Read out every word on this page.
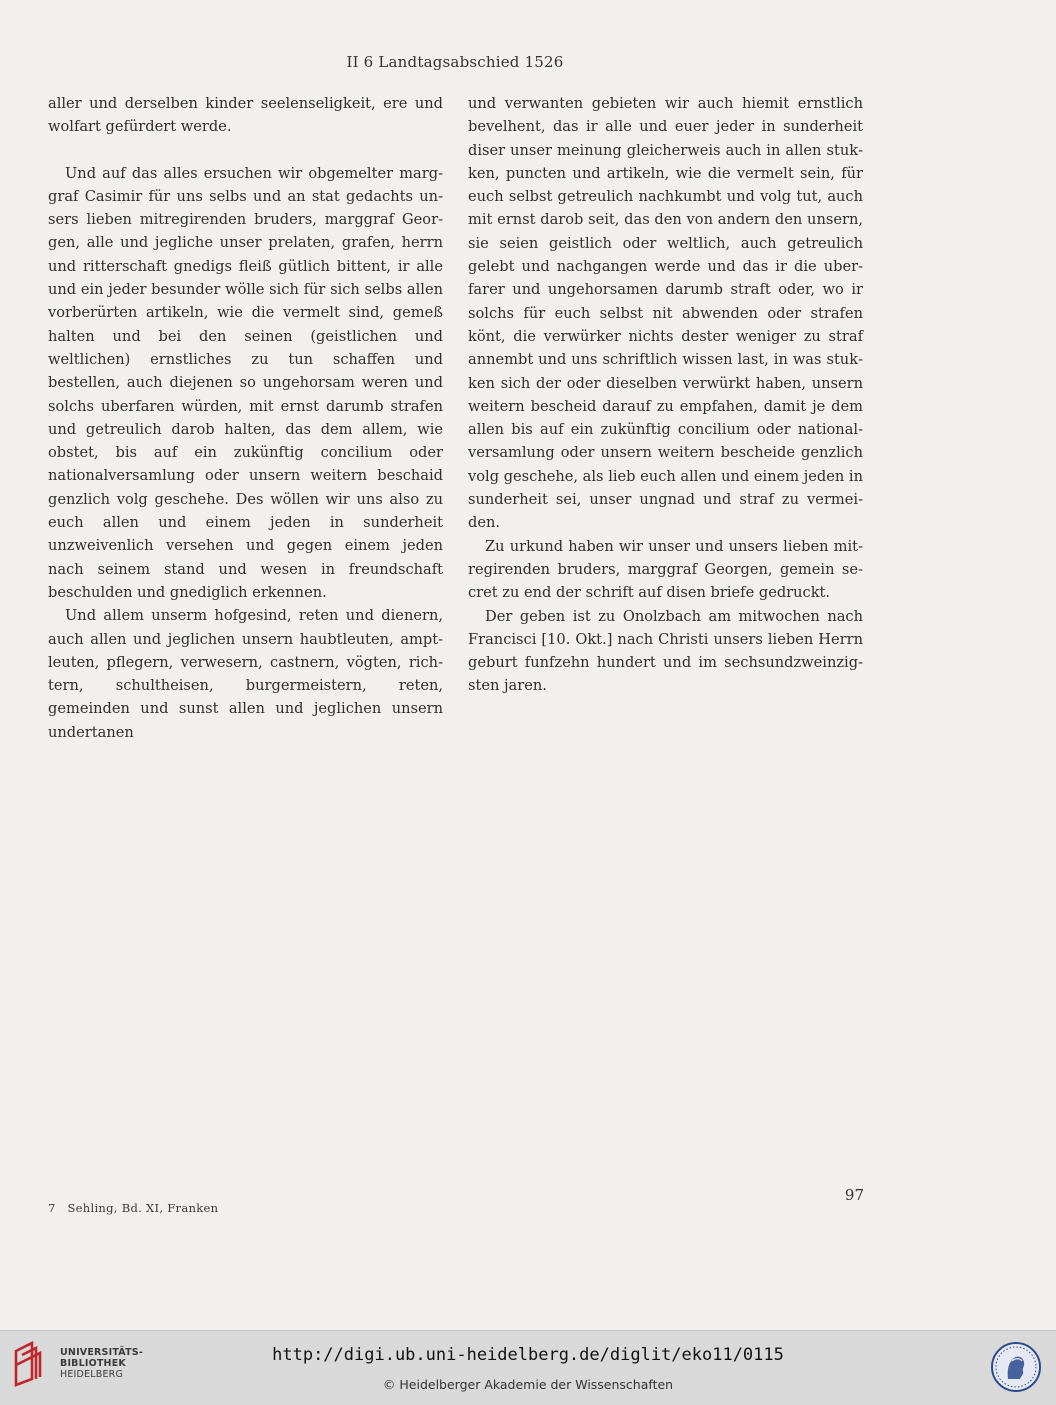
II 6 Landtagsabschied 1526

aller und derselben kinder seelenseligkeit, ere und wolfart gefürdert werde.

Und auf das alles ersuchen wir obgemelter marggraf Casimir für uns selbs und an stat gedachts unsers lieben mitregirenden bruders, marggraf Georgen, alle und jegliche unser prelaten, grafen, herrn und ritterschaft gnedigs fleiß gütlich bittent, ir alle und ein jeder besunder wölle sich für sich selbs allen vorberürten artikeln, wie die vermelt sind, gemeß halten und bei den seinen (geistlichen und weltlichen) ernstliches zu tun schaffen und bestellen, auch diejenen so ungehorsam weren und solchs uberfaren würden, mit ernst darumb strafen und getreulich darob halten, das dem allem, wie obstet, bis auf ein zukünftig concilium oder nationalversamlung oder unsern weitern beschaid genzlich volg geschehe. Des wöllen wir uns also zu euch allen und einem jeden in sunderheit unzweivenlich versehen und gegen einem jeden nach seinem stand und wesen in freundschaft beschulden und gnediglich erkennen.

Und allem unserm hofgesind, reten und dienern, auch allen und jeglichen unsern haubtleuten, amptleuten, pflegern, verwesern, castnern, vögten, richtern, schultheisen, burgermeistern, reten, gemeinden und sunst allen und jeglichen unsern undertanen

und verwanten gebieten wir auch hiemit ernstlich bevelhent, das ir alle und euer jeder in sunderheit diser unser meinung gleicherweis auch in allen stukken, puncten und artikeln, wie die vermelt sein, für euch selbst getreulich nachkumbt und volg tut, auch mit ernst darob seit, das den von andern den unsern, sie seien geistlich oder weltlich, auch getreulich gelebt und nachgangen werde und das ir die uberfarer und ungehorsamen darumb straft oder, wo ir solchs für euch selbst nit abwenden oder strafen könt, die verwürker nichts dester weniger zu straf annembt und uns schriftlich wissen last, in was stukken sich der oder dieselben verwürkt haben, unsern weitern bescheid darauf zu empfahen, damit je dem allen bis auf ein zukünftig concilium oder nationalversamlung oder unsern weitern bescheide genzlich volg geschehe, als lieb euch allen und einem jeden in sunderheit sei, unser ungnad und straf zu vermeiden.

Zu urkund haben wir unser und unsers lieben mitregirenden bruders, marggraf Georgen, gemein secret zu end der schrift auf disen briefe gedruckt.

Der geben ist zu Onolzbach am mitwochen nach Francisci [10. Okt.] nach Christi unsers lieben Herrn geburt funfzehn hundert und im sechsundzweinzigsten jaren.

97
7   Sehling, Bd. XI, Franken
UNIVERSITÄTS-
BIBLIOTHEK
HEIDELBERG
http://digi.ub.uni-heidelberg.de/diglit/eko11/0115
© Heidelberger Akademie der Wissenschaften
